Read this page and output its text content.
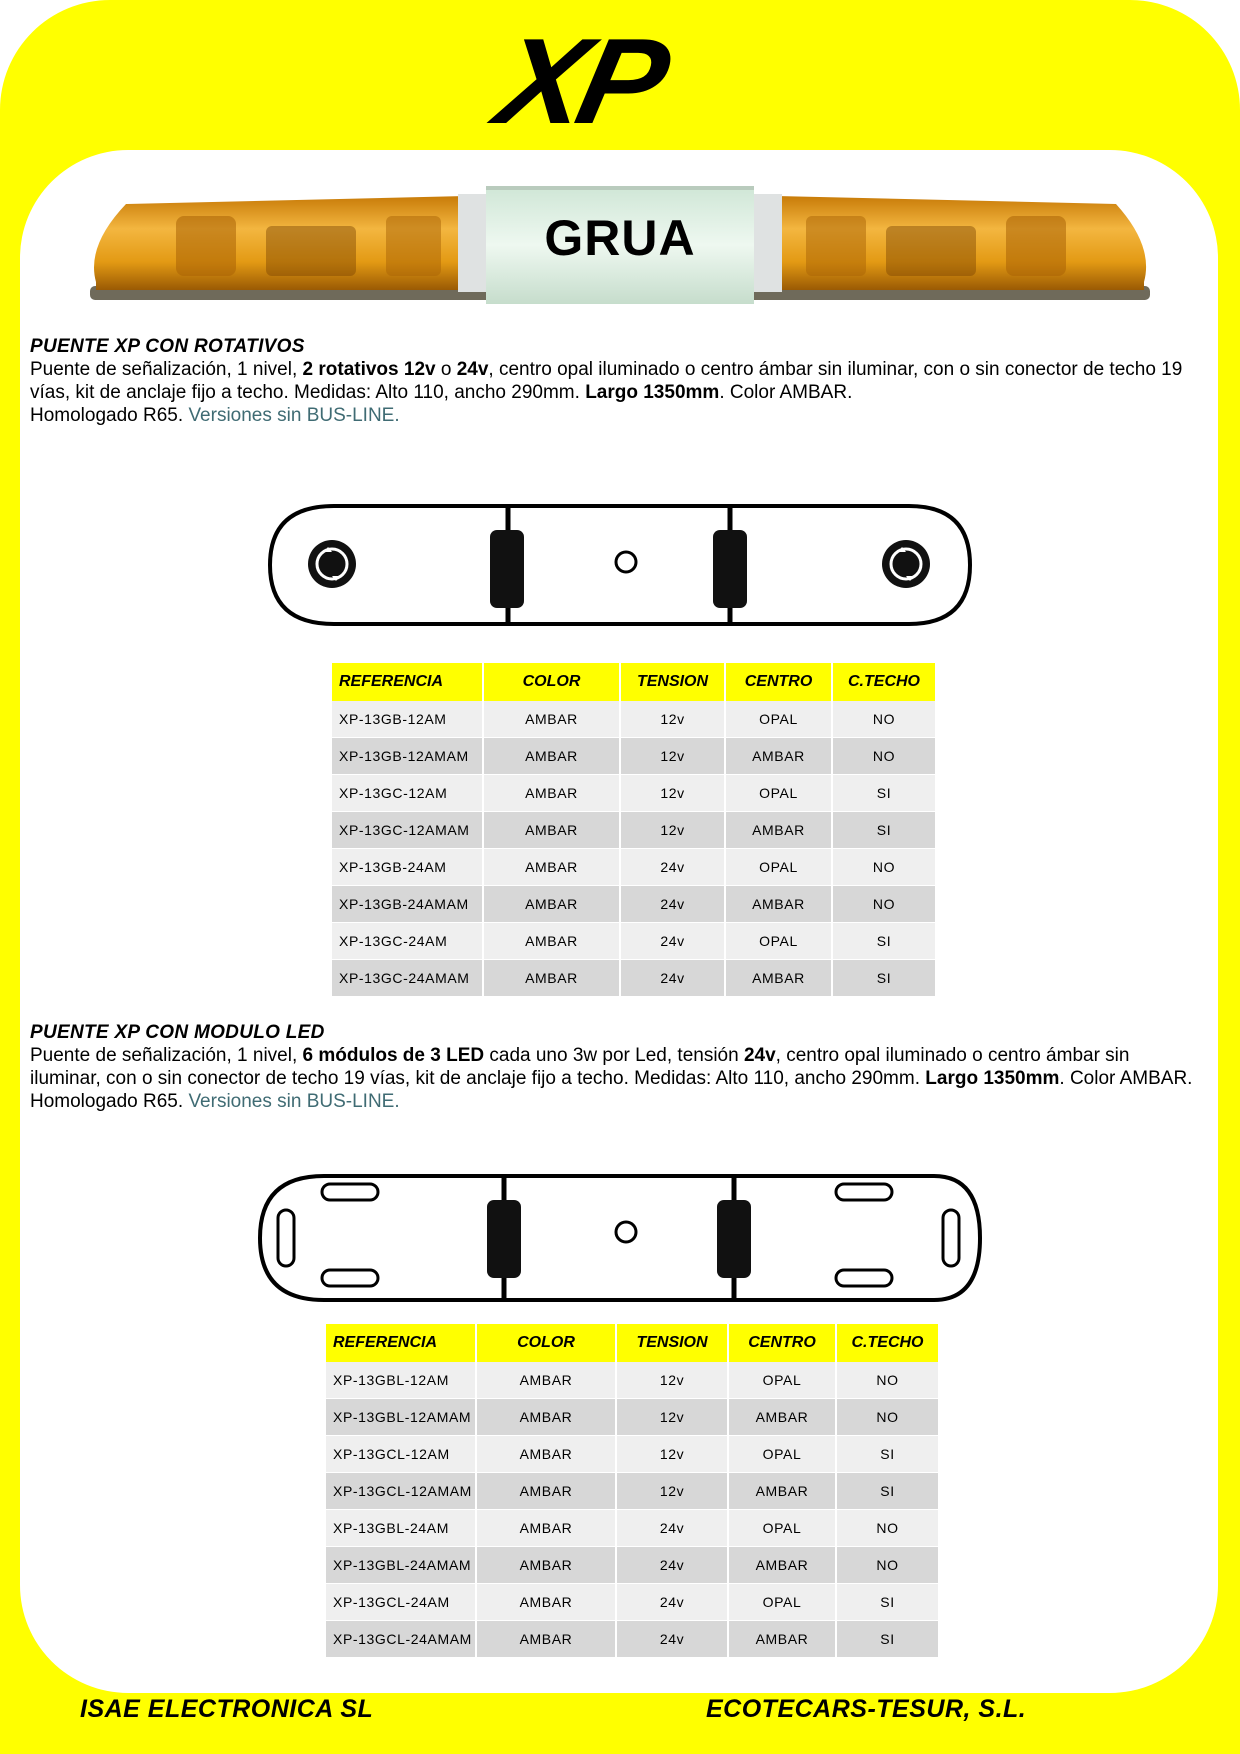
XP
GRUA
PUENTE XP CON ROTATIVOS
Puente de señalización, 1 nivel, 2 rotativos 12v o 24v, centro opal iluminado o centro ámbar sin iluminar, con o sin conector de techo 19 vías, kit de anclaje fijo a techo. Medidas: Alto 110, ancho 290mm. Largo 1350mm. Color AMBAR.
Homologado R65. Versiones sin BUS-LINE.
REFERENCIA	COLOR	TENSION	CENTRO	C.TECHO
XP-13GB-12AM	AMBAR	12v	OPAL	NO
XP-13GB-12AMAM	AMBAR	12v	AMBAR	NO
XP-13GC-12AM	AMBAR	12v	OPAL	SI
XP-13GC-12AMAM	AMBAR	12v	AMBAR	SI
XP-13GB-24AM	AMBAR	24v	OPAL	NO
XP-13GB-24AMAM	AMBAR	24v	AMBAR	NO
XP-13GC-24AM	AMBAR	24v	OPAL	SI
XP-13GC-24AMAM	AMBAR	24v	AMBAR	SI
PUENTE XP CON MODULO LED
Puente de señalización, 1 nivel, 6 módulos de 3 LED cada uno 3w por Led, tensión 24v, centro opal iluminado o centro ámbar sin iluminar, con o sin conector de techo 19 vías, kit de anclaje fijo a techo. Medidas: Alto 110, ancho 290mm. Largo 1350mm. Color AMBAR.
Homologado R65. Versiones sin BUS-LINE.
REFERENCIA	COLOR	TENSION	CENTRO	C.TECHO
XP-13GBL-12AM	AMBAR	12v	OPAL	NO
XP-13GBL-12AMAM	AMBAR	12v	AMBAR	NO
XP-13GCL-12AM	AMBAR	12v	OPAL	SI
XP-13GCL-12AMAM	AMBAR	12v	AMBAR	SI
XP-13GBL-24AM	AMBAR	24v	OPAL	NO
XP-13GBL-24AMAM	AMBAR	24v	AMBAR	NO
XP-13GCL-24AM	AMBAR	24v	OPAL	SI
XP-13GCL-24AMAM	AMBAR	24v	AMBAR	SI
ISAE ELECTRONICA SL	ECOTECARS-TESUR, S.L.
